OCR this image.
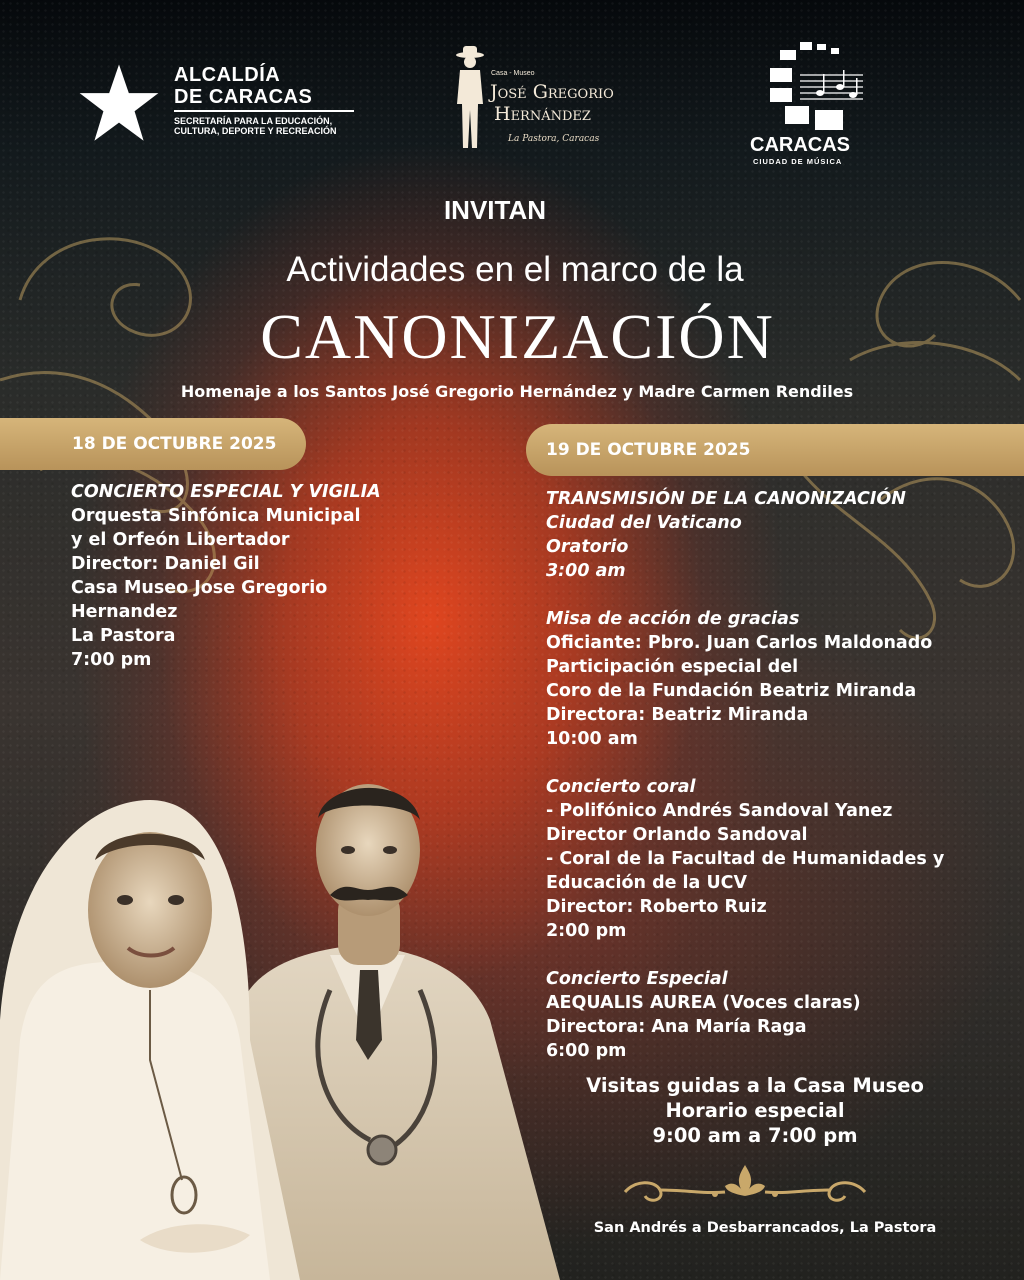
ALCALDÍA
DE CARACAS
SECRETARÍA PARA LA EDUCACIÓN,
CULTURA, DEPORTE Y RECREACIÓN
Casa - Museo
José Gregorio
Hernández
La Pastora, Caracas	CARACAS
CIUDAD DE MÚSICA
INVITAN
Actividades en el marco de la
CANONIZACIÓN
Homenaje a los Santos José Gregorio Hernández y Madre Carmen Rendiles
18 DE OCTUBRE 2025	19 DE OCTUBRE 2025
CONCIERTO ESPECIAL Y VIGILIA
Orquesta Sinfónica Municipal
y el Orfeón Libertador
Director: Daniel Gil
Casa Museo Jose Gregorio
Hernandez
La Pastora
7:00 pm
TRANSMISIÓN DE LA CANONIZACIÓN
Ciudad del Vaticano
Oratorio
3:00 am
Misa de acción de gracias
Oficiante: Pbro. Juan Carlos Maldonado
Participación especial del
Coro de la Fundación Beatriz Miranda
Directora: Beatriz Miranda
10:00 am
Concierto coral
- Polifónico Andrés Sandoval Yanez
Director Orlando Sandoval
- Coral de la Facultad de Humanidades y
Educación de la UCV
Director: Roberto Ruiz
2:00 pm
Concierto Especial
AEQUALIS AUREA (Voces claras)
Directora: Ana María Raga
6:00 pm
Visitas guidas a la Casa Museo
Horario especial
9:00 am a 7:00 pm
San Andrés a Desbarrancados, La Pastora
